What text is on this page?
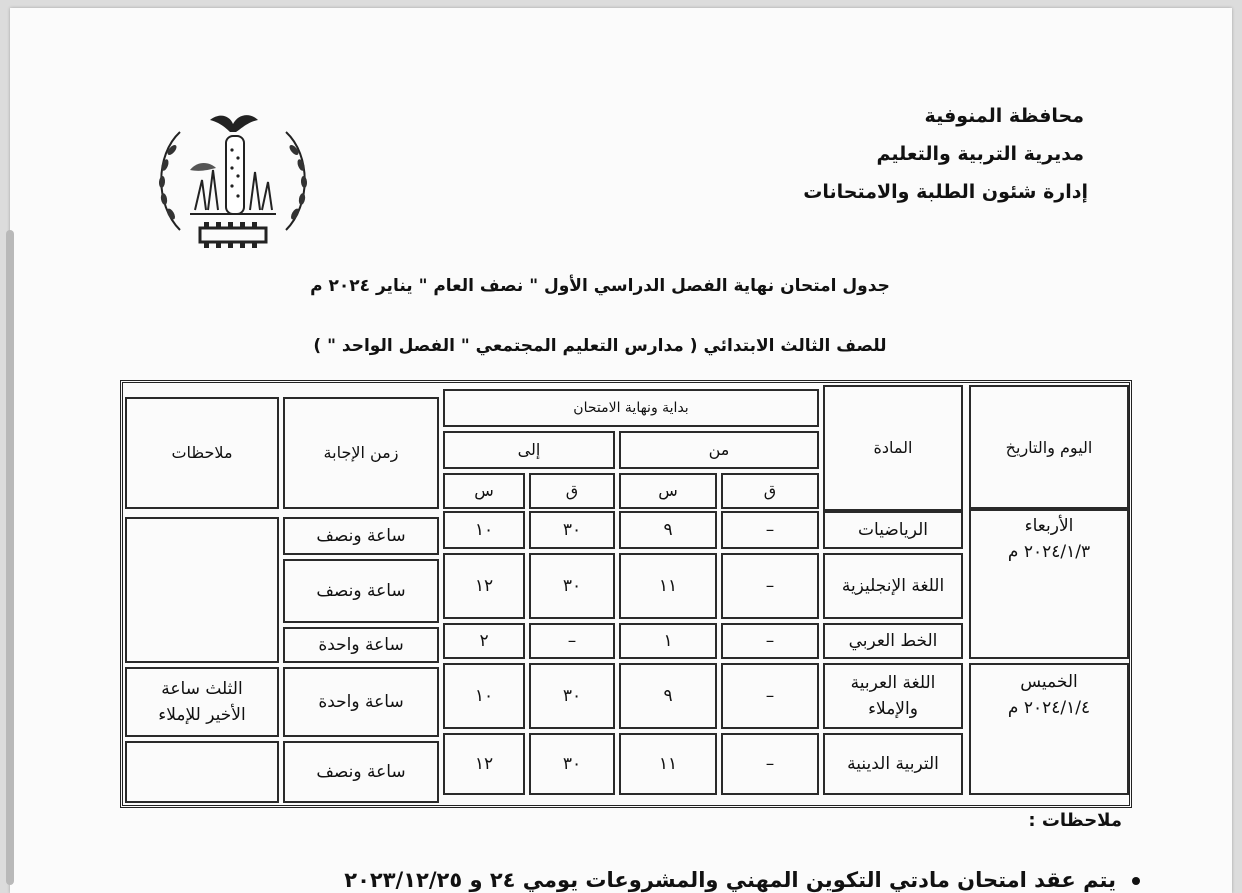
محافظة المنوفية
مديرية التربية والتعليم
إدارة شئون الطلبة والامتحانات
جدول امتحان نهاية الفصل الدراسي الأول " نصف العام " يناير ٢٠٢٤ م
للصف الثالث الابتدائي ( مدارس التعليم المجتمعي " الفصل الواحد " )
اليوم والتاريخ
المادة
بداية ونهاية الامتحان
من
إلى
ق
س
ق
س
زمن الإجابة
ملاحظات
الأربعاء
٢٠٢٤/١/٣ م
الخميس
٢٠٢٤/١/٤ م
الرياضيات
–
٩
٣٠
١٠
ساعة ونصف
اللغة الإنجليزية
–
١١
٣٠
١٢
ساعة ونصف
الخط العربي
–
١
–
٢
ساعة واحدة
اللغة العربية والإملاء
–
٩
٣٠
١٠
ساعة واحدة
الثلث ساعة الأخير للإملاء
التربية الدينية
–
١١
٣٠
١٢
ساعة ونصف
ملاحظات :
يتم عقد امتحان مادتي التكوين المهني والمشروعات يومي ٢٤ و ٢٠٢٣/١٢/٢٥
